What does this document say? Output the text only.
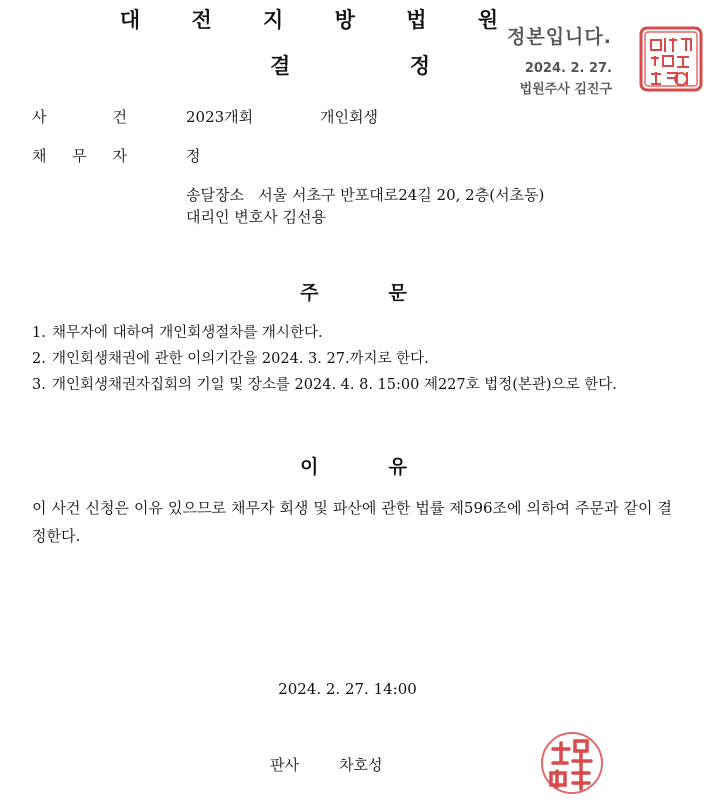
대 전 지 방 법 원
결	정
정본입니다.
2024. 2. 27.
법원주사 김진구
사	건	2023개회	개인회생
채 무 자	정
송달장소   서울 서초구 반포대로24길 20, 2층(서초동)
대리인 변호사 김선용
주	문
1. 채무자에 대하여 개인회생절차를 개시한다.
2. 개인회생채권에 관한 이의기간을 2024. 3. 27.까지로 한다.
3. 개인회생채권자집회의 기일 및 장소를 2024. 4. 8. 15:00 제227호 법정(본관)으로 한다.
이	유
이 사건 신청은 이유 있으므로 채무자 회생 및 파산에 관한 법률 제596조에 의하여 주문과 같이 결정한다.
2024. 2. 27. 14:00
판사	차호성
